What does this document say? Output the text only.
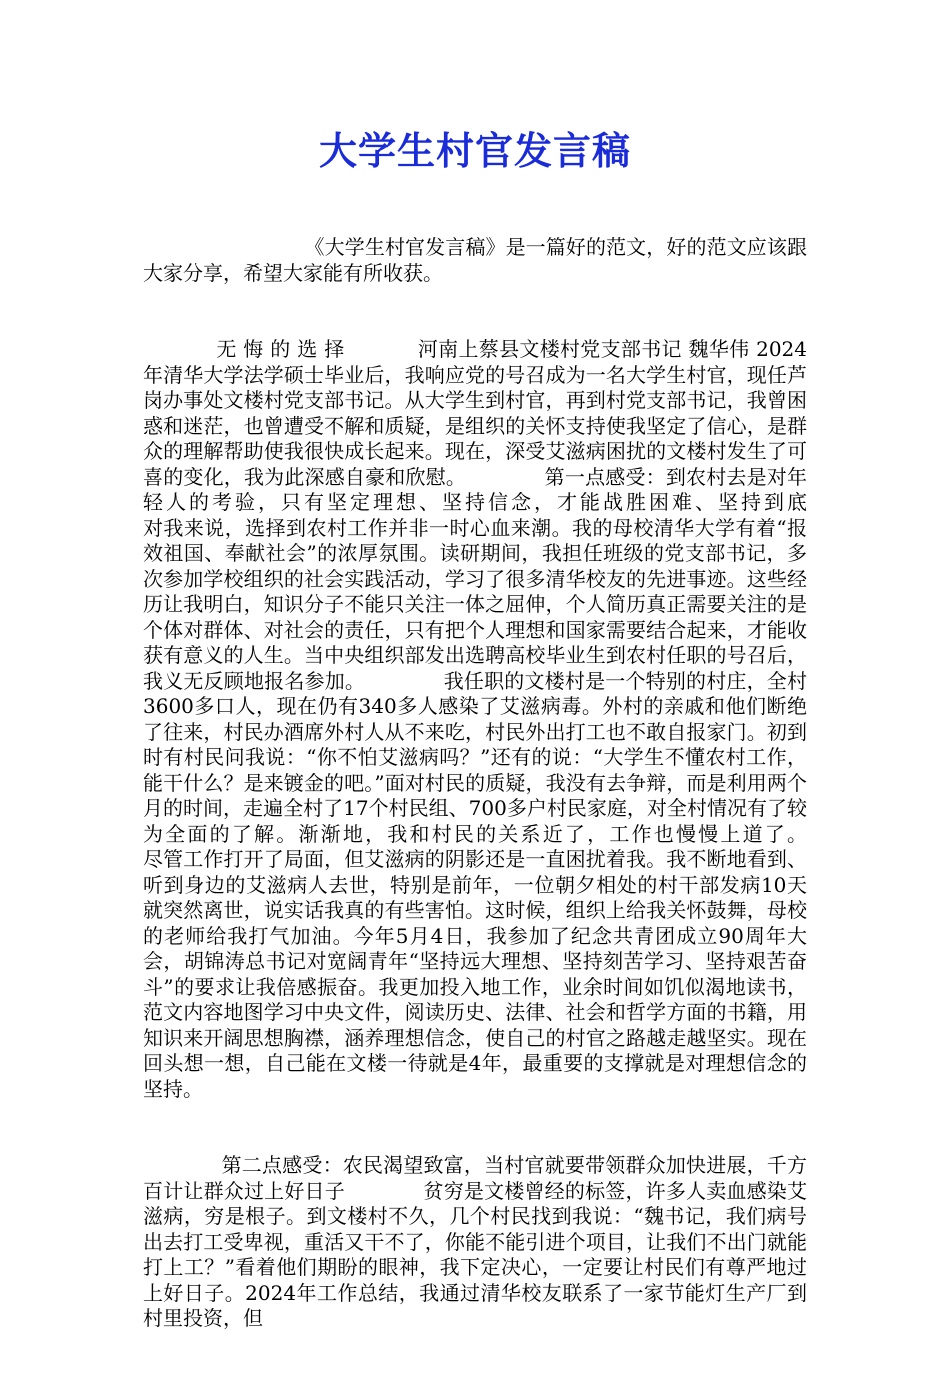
大学生村官发言稿

《大学生村官发言稿》是一篇好的范文，好的范文应该跟大家分享，希望大家能有所收获。

无 悔 的 选 择           河南上蔡县文楼村党支部书记 魏华伟 2024年清华大学法学硕士毕业后，我响应党的号召成为一名大学生村官，现任芦岗办事处文楼村党支部书记。从大学生到村官，再到村党支部书记，我曾困惑和迷茫，也曾遭受不解和质疑，是组织的关怀支持使我坚定了信心，是群众的理解帮助使我很快成长起来。现在，深受艾滋病困扰的文楼村发生了可喜的变化，我为此深感自豪和欣慰。            第一点感受：到农村去是对年轻人的考验，只有坚定理想、坚持信念，才能战胜困难、坚持到底            对我来说，选择到农村工作并非一时心血来潮。我的母校清华大学有着“报效祖国、奉献社会”的浓厚氛围。读研期间，我担任班级的党支部书记，多次参加学校组织的社会实践活动，学习了很多清华校友的先进事迹。这些经历让我明白，知识分子不能只关注一体之屈伸，个人简历真正需要关注的是个体对群体、对社会的责任，只有把个人理想和国家需要结合起来，才能收获有意义的人生。当中央组织部发出选聘高校毕业生到农村任职的号召后，我义无反顾地报名参加。            我任职的文楼村是一个特别的村庄，全村3600多口人，现在仍有340多人感染了艾滋病毒。外村的亲戚和他们断绝了往来，村民办酒席外村人从不来吃，村民外出打工也不敢自报家门。初到时有村民问我说：“你不怕艾滋病吗？”还有的说：“大学生不懂农村工作，能干什么？是来镀金的吧。”面对村民的质疑，我没有去争辩，而是利用两个月的时间，走遍全村了17个村民组、700多户村民家庭，对全村情况有了较为全面的了解。渐渐地，我和村民的关系近了，工作也慢慢上道了。            尽管工作打开了局面，但艾滋病的阴影还是一直困扰着我。我不断地看到、听到身边的艾滋病人去世，特别是前年，一位朝夕相处的村干部发病10天就突然离世，说实话我真的有些害怕。这时候，组织上给我关怀鼓舞，母校的老师给我打气加油。今年5月4日，我参加了纪念共青团成立90周年大会，胡锦涛总书记对宽阔青年“坚持远大理想、坚持刻苦学习、坚持艰苦奋斗”的要求让我倍感振奋。我更加投入地工作，业余时间如饥似渴地读书，范文内容地图学习中央文件，阅读历史、法律、社会和哲学方面的书籍，用知识来开阔思想胸襟，涵养理想信念，使自己的村官之路越走越坚实。现在回头想一想，自己能在文楼一待就是4年，最重要的支撑就是对理想信念的坚持。

第二点感受：农民渴望致富，当村官就要带领群众加快进展，千方百计让群众过上好日子            贫穷是文楼曾经的标签，许多人卖血感染艾滋病，穷是根子。到文楼村不久，几个村民找到我说：“魏书记，我们病号出去打工受卑视，重活又干不了，你能不能引进个项目，让我们不出门就能打上工？”看着他们期盼的眼神，我下定决心，一定要让村民们有尊严地过上好日子。2024年工作总结，我通过清华校友联系了一家节能灯生产厂到村里投资，但
